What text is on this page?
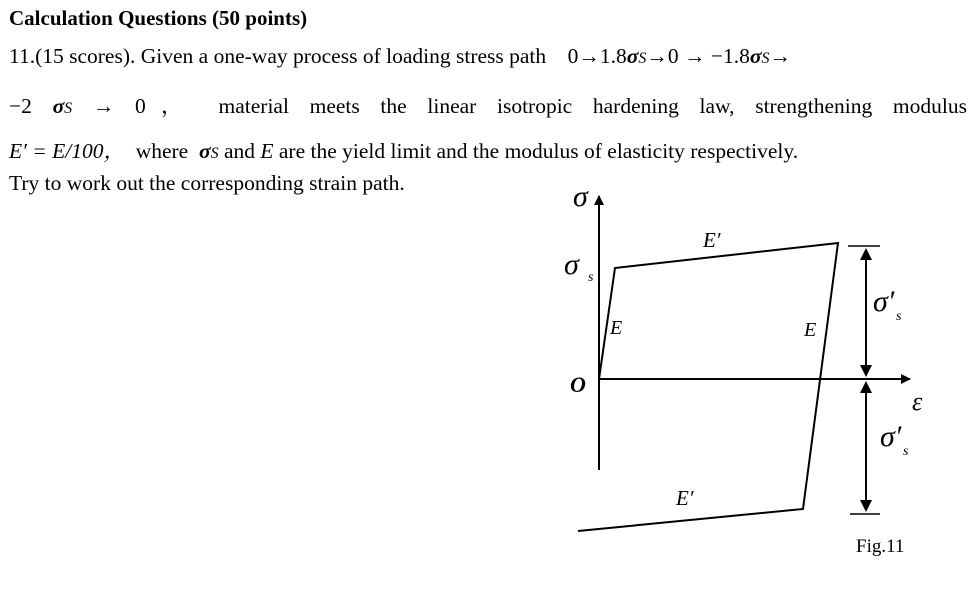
Calculation Questions (50 points)
11.(15 scores). Given a one-way process of loading stress path 0→1.8σS→0 → −1.8σS→
−2 σS → 0， material meets the linear isotropic hardening law, strengthening modulus
E′ = E/100， where σS and E are the yield limit and the modulus of elasticity respectively.
Try to work out the corresponding strain path.	σ
σ s
O
ε
E	E
E′
E′
σ′ s
σ′ s
Fig.11
